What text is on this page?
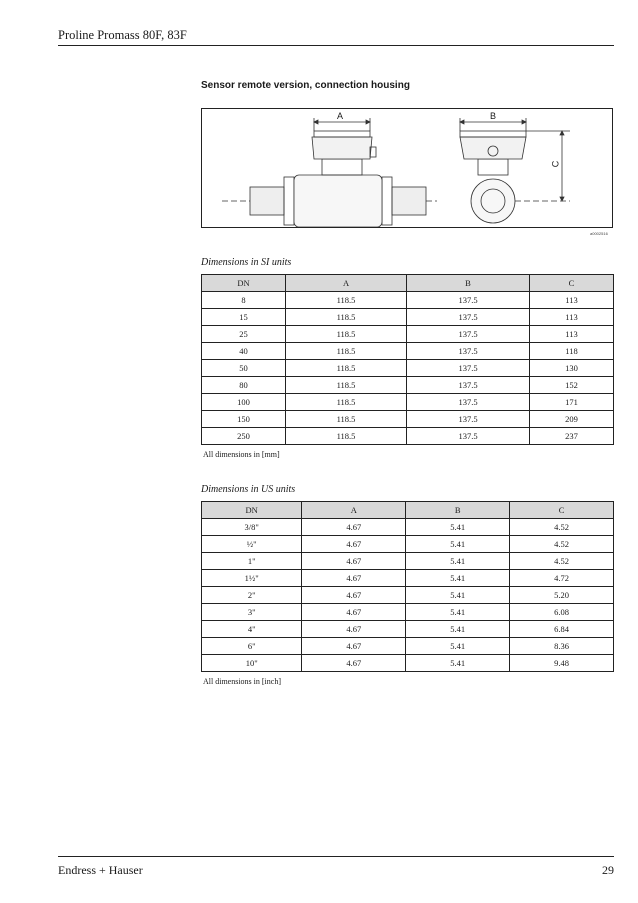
Proline Promass 80F, 83F
Sensor remote version, connection housing
A	B
C
a0002516
Dimensions in SI units
DN	A	B	C
8	118.5	137.5	113
15	118.5	137.5	113
25	118.5	137.5	113
40	118.5	137.5	118
50	118.5	137.5	130
80	118.5	137.5	152
100	118.5	137.5	171
150	118.5	137.5	209
250	118.5	137.5	237
All dimensions in [mm]
Dimensions in US units
DN	A	B	C
3/8"	4.67	5.41	4.52
½"	4.67	5.41	4.52
1"	4.67	5.41	4.52
1½"	4.67	5.41	4.72
2"	4.67	5.41	5.20
3"	4.67	5.41	6.08
4"	4.67	5.41	6.84
6"	4.67	5.41	8.36
10"	4.67	5.41	9.48
All dimensions in [inch]
Endress + Hauser	29
